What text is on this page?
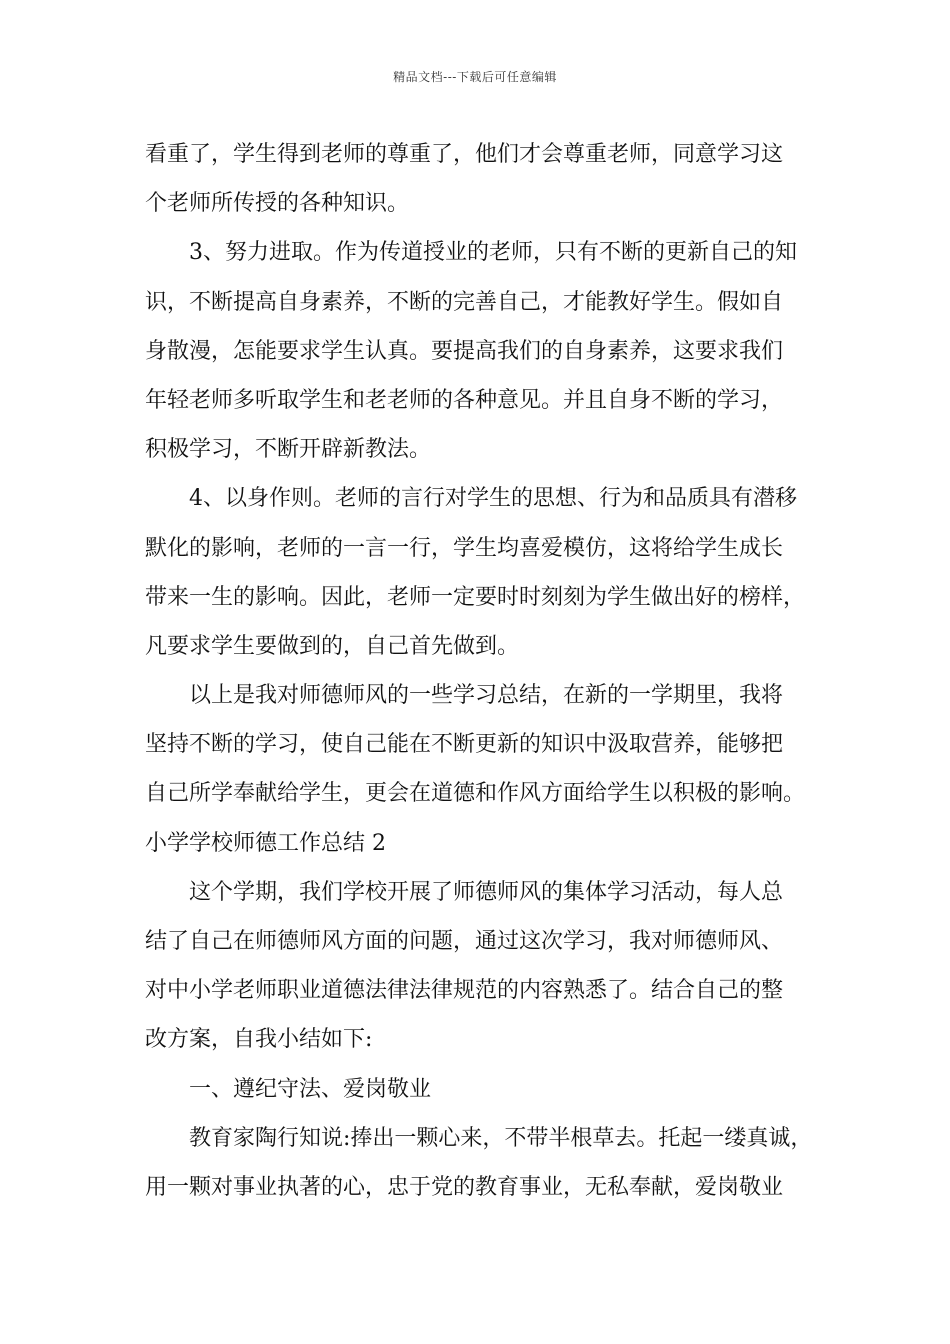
精品文档---下载后可任意编辑
看重了，学生得到老师的尊重了，他们才会尊重老师，同意学习这
个老师所传授的各种知识。
3、努力进取。作为传道授业的老师，只有不断的更新自己的知
识，不断提高自身素养，不断的完善自己，才能教好学生。假如自
身散漫，怎能要求学生认真。要提高我们的自身素养，这要求我们
年轻老师多听取学生和老老师的各种意见。并且自身不断的学习，
积极学习，不断开辟新教法。
4、以身作则。老师的言行对学生的思想、行为和品质具有潜移
默化的影响，老师的一言一行，学生均喜爱模仿，这将给学生成长
带来一生的影响。因此，老师一定要时时刻刻为学生做出好的榜样，
凡要求学生要做到的，自己首先做到。
以上是我对师德师风的一些学习总结，在新的一学期里，我将
坚持不断的学习，使自己能在不断更新的知识中汲取营养，能够把
自己所学奉献给学生，更会在道德和作风方面给学生以积极的影响。
小学学校师德工作总结 2
这个学期，我们学校开展了师德师风的集体学习活动，每人总
结了自己在师德师风方面的问题，通过这次学习，我对师德师风、
对中小学老师职业道德法律法律规范的内容熟悉了。结合自己的整
改方案，自我小结如下:
一、遵纪守法、爱岗敬业
教育家陶行知说:捧出一颗心来，不带半根草去。托起一缕真诚，
用一颗对事业执著的心，忠于党的教育事业，无私奉献，爱岗敬业
